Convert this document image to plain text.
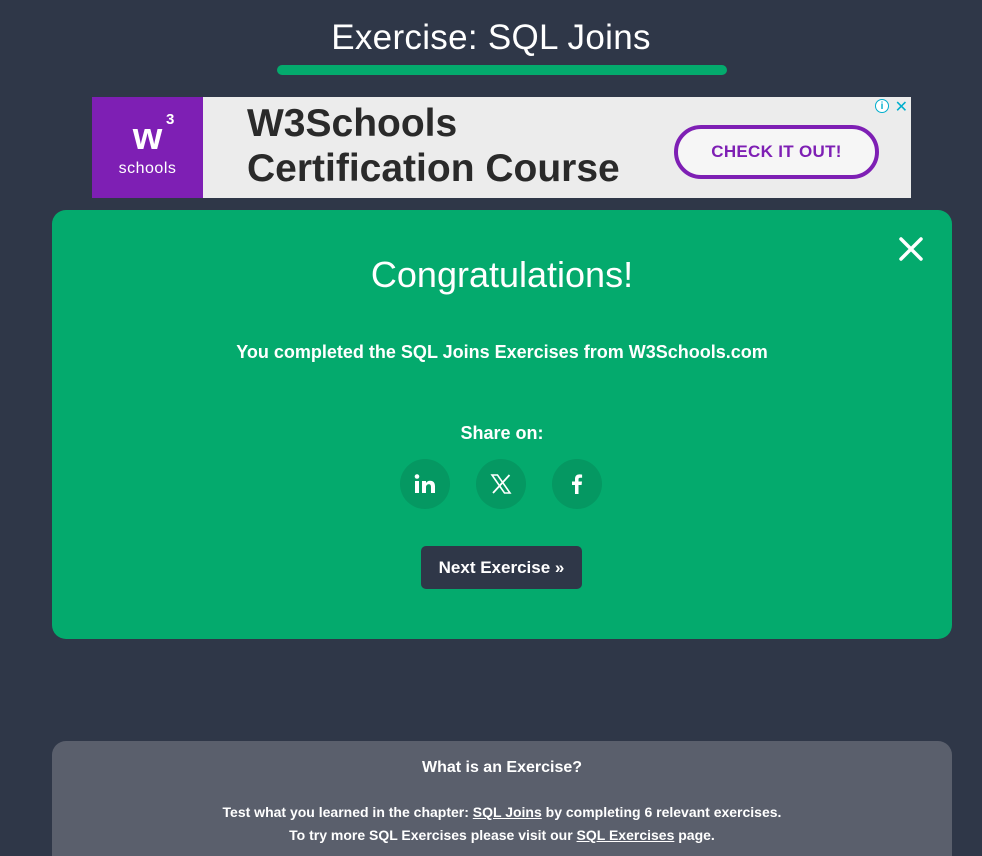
Exercise: SQL Joins
w 3
schools
W3Schools
Certification Course	CHECK IT OUT!
i ✕
Congratulations!
You completed the SQL Joins Exercises from W3Schools.com
Share on:
Next Exercise »
What is an Exercise?
Test what you learned in the chapter: SQL Joins by completing 6 relevant exercises.
To try more SQL Exercises please visit our SQL Exercises page.
